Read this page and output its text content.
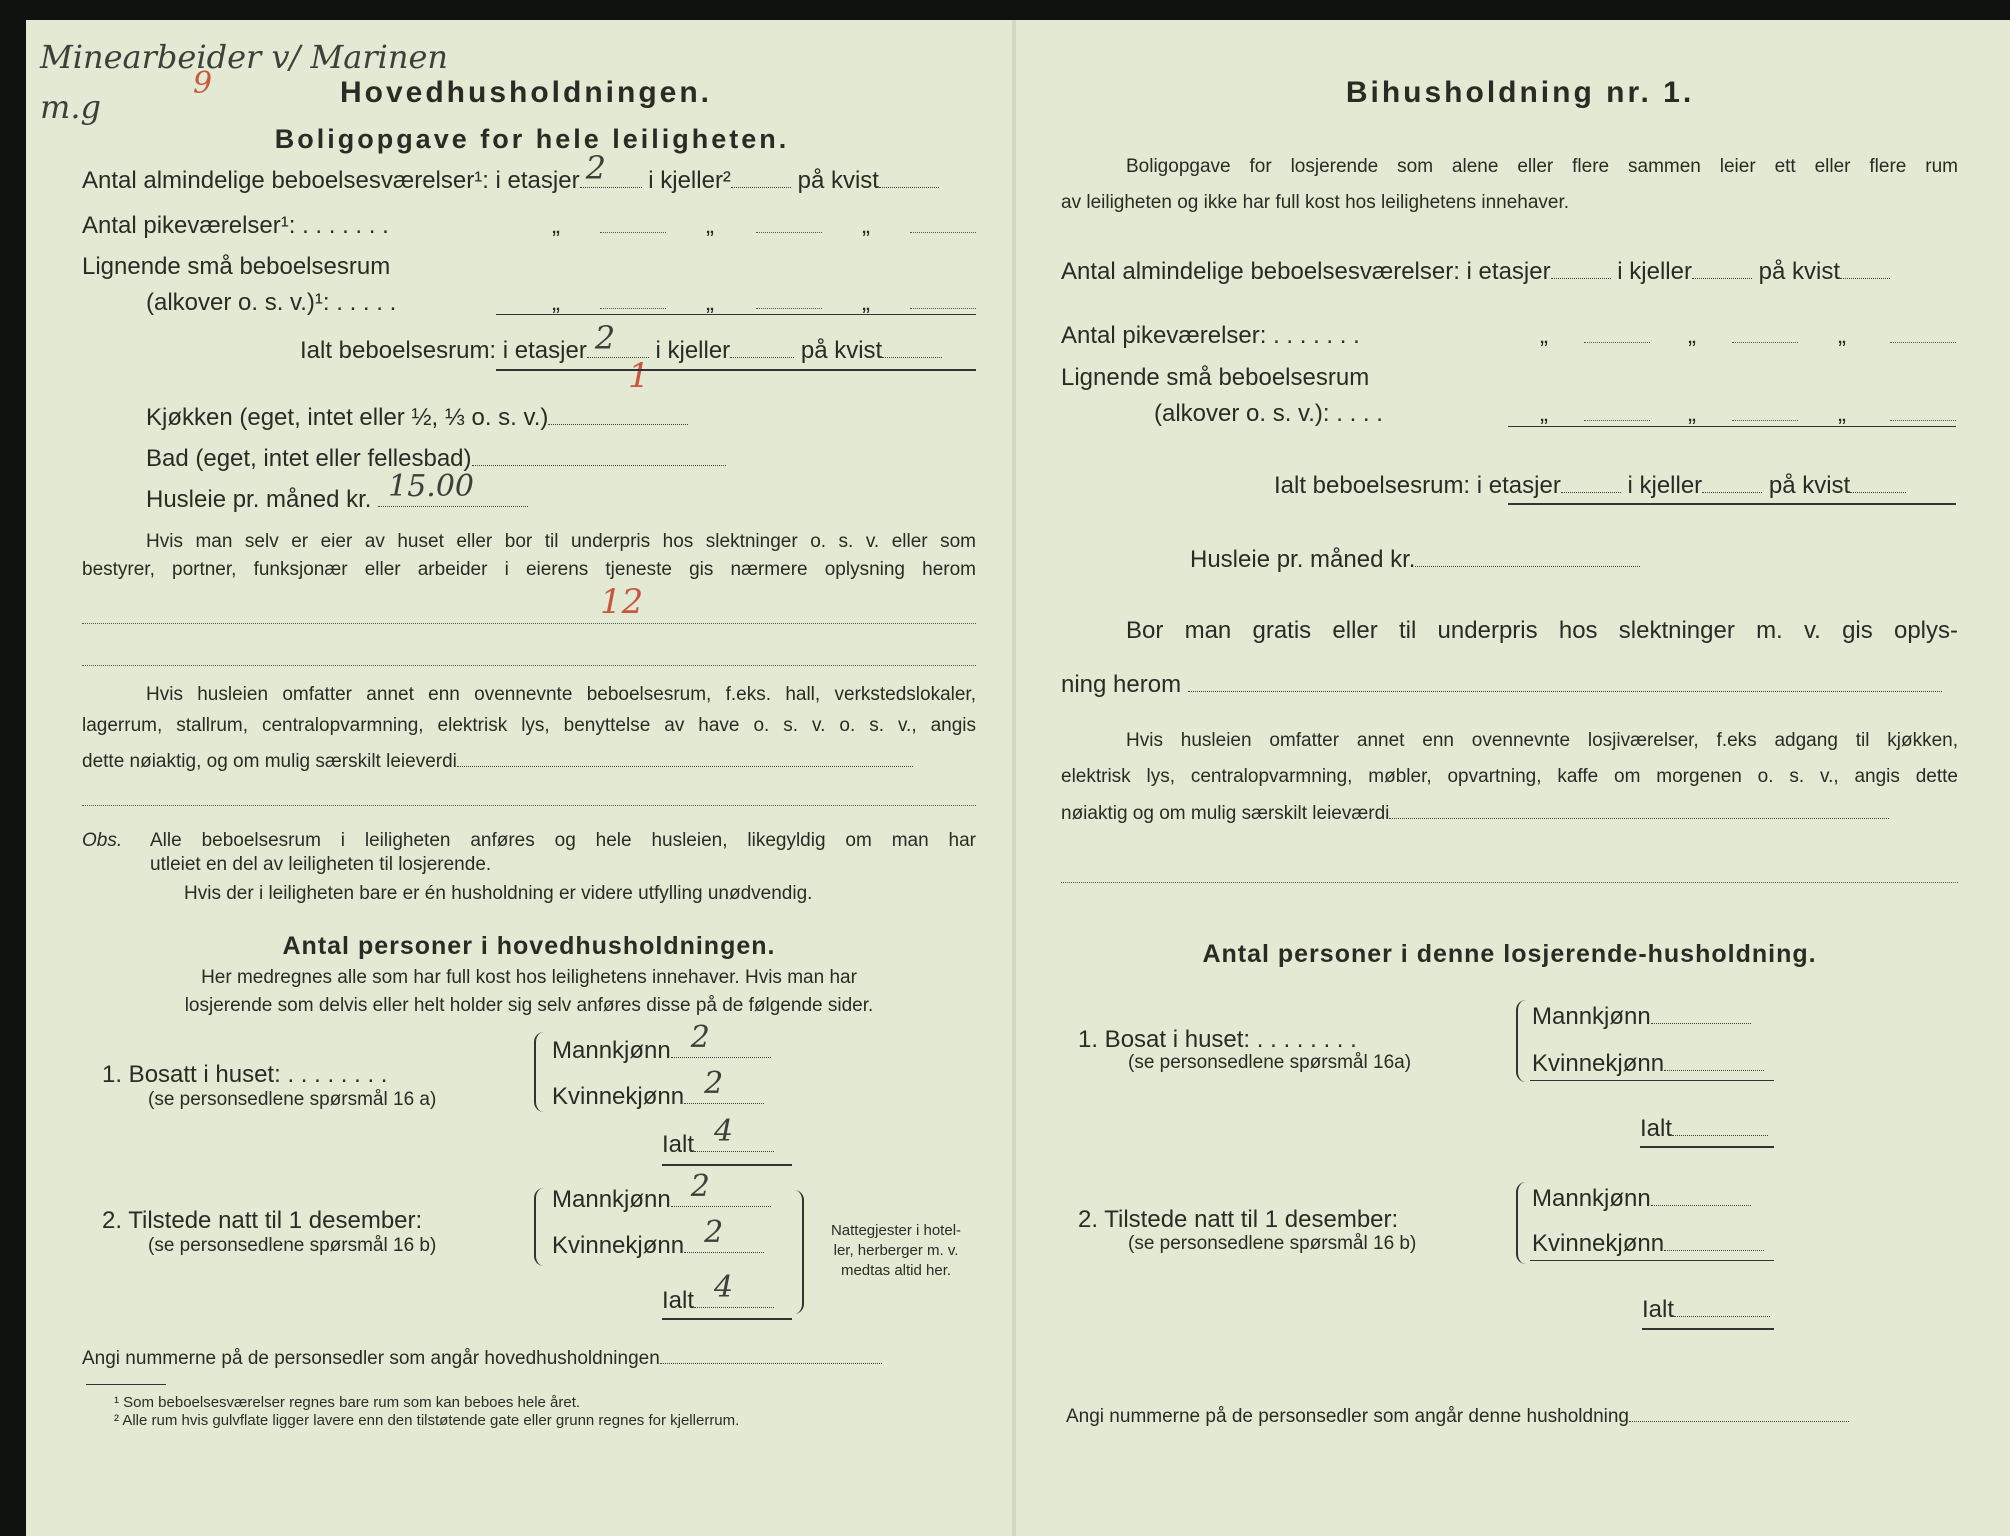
Minearbeider v/ Marinen
m.g
9
1
12
Hovedhusholdningen.
Boligopgave for hele leiligheten.
Antal almindelige beboelsesværelser¹: i etasjer 2 i kjeller²	på kvist
Antal pikeværelser¹: . . . . . . .
Lignende små beboelsesrum
(alkover o. s. v.)¹: . . . . .
„	„	„
„	„	„
Ialt beboelsesrum: i etasjer 2 i kjeller	på kvist
Kjøkken (eget, intet eller ½, ⅓ o. s. v.)
Bad (eget, intet eller fellesbad)
Husleie pr. måned kr. 15.00
Hvis man selv er eier av huset eller bor til underpris hos slektninger o. s. v. eller som
bestyrer, portner, funksjonær eller arbeider i eierens tjeneste gis nærmere oplysning herom
Hvis husleien omfatter annet enn ovennevnte beboelsesrum, f.eks. hall, verkstedslokaler,
lagerrum, stallrum, centralopvarmning, elektrisk lys, benyttelse av have o. s. v. o. s. v., angis
dette nøiaktig, og om mulig særskilt leieverdi
Obs. Alle beboelsesrum i leiligheten anføres og hele husleien, likegyldig om man har
utleiet en del av leiligheten til losjerende.
Hvis der i leiligheten bare er én husholdning er videre utfylling unødvendig.
Antal personer i hovedhusholdningen.
Her medregnes alle som har full kost hos leilighetens innehaver. Hvis man har
losjerende som delvis eller helt holder sig selv anføres disse på de følgende sider.
1. Bosatt i huset: . . . . . . . .
(se personsedlene spørsmål 16 a)
Mannkjønn 2
Kvinnekjønn 2
Ialt 4
2. Tilstede natt til 1 desember:
(se personsedlene spørsmål 16 b)
Mannkjønn 2
Kvinnekjønn 2
Ialt 4
Nattegjester i hotel-
ler, herberger m. v.
medtas altid her.
Angi nummerne på de personsedler som angår hovedhusholdningen
¹ Som beboelsesværelser regnes bare rum som kan beboes hele året.
² Alle rum hvis gulvflate ligger lavere enn den tilstøtende gate eller grunn regnes for kjellerrum.
Bihusholdning nr. 1.
Boligopgave for losjerende som alene eller flere sammen leier ett eller flere rum
av leiligheten og ikke har full kost hos leilighetens innehaver.
Antal almindelige beboelsesværelser: i etasjer	i kjeller	på kvist
Antal pikeværelser: . . . . . . .
Lignende små beboelsesrum
(alkover o. s. v.): . . . .
„	„	„
„	„	„
Ialt beboelsesrum: i etasjer	i kjeller	på kvist
Husleie pr. måned kr.
Bor man gratis eller til underpris hos slektninger m. v. gis oplys-
ning herom
Hvis husleien omfatter annet enn ovennevnte losjiværelser, f.eks adgang til kjøkken,
elektrisk lys, centralopvarmning, møbler, opvartning, kaffe om morgenen o. s. v., angis dette
nøiaktig og om mulig særskilt leieværdi
Antal personer i denne losjerende-husholdning.
1. Bosat i huset: . . . . . . . .
(se personsedlene spørsmål 16a)
Mannkjønn
Kvinnekjønn
Ialt
2. Tilstede natt til 1 desember:
(se personsedlene spørsmål 16 b)
Mannkjønn
Kvinnekjønn
Ialt
Angi nummerne på de personsedler som angår denne husholdning
